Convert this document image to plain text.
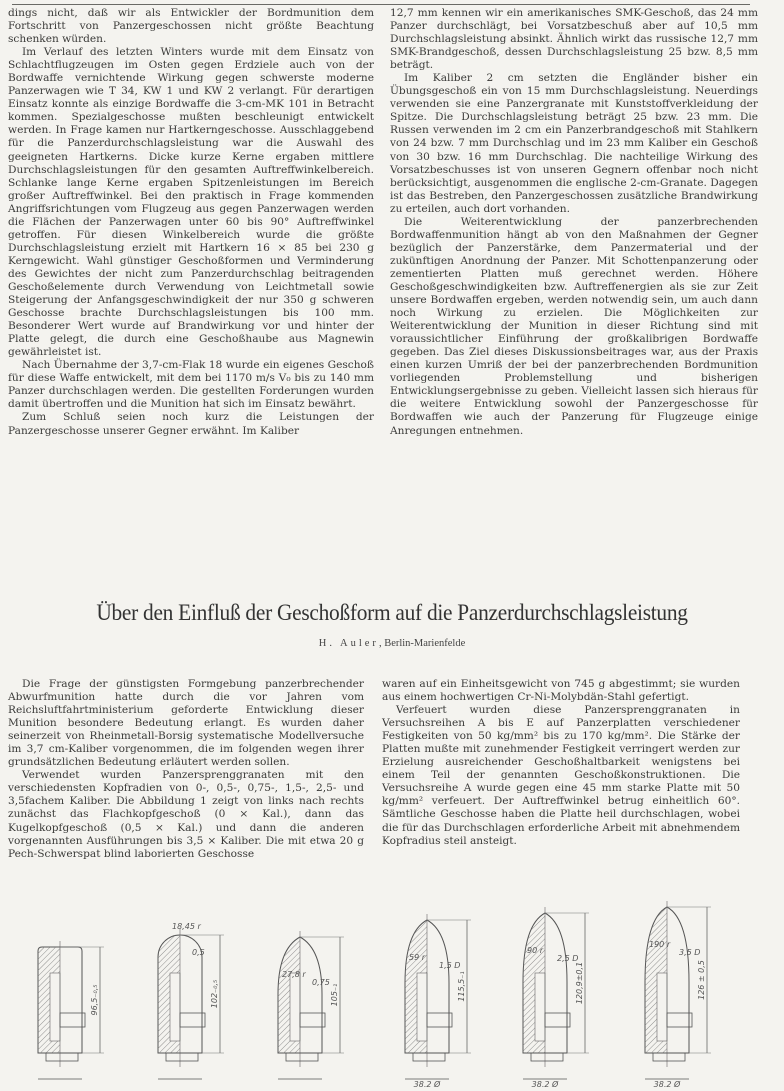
dings nicht, daß wir als Entwickler der Bordmunition dem Fortschritt von Panzergeschossen nicht größte Beachtung schenken würden.

Im Verlauf des letzten Winters wurde mit dem Einsatz von Schlachtflugzeugen im Osten gegen Erdziele auch von der Bordwaffe vernichtende Wirkung gegen schwerste moderne Panzerwagen wie T 34, KW 1 und KW 2 verlangt. Für derartigen Einsatz konnte als einzige Bordwaffe die 3-cm-MK 101 in Betracht kommen. Spezialgeschosse mußten beschleunigt entwickelt werden. In Frage kamen nur Hartkerngeschosse. Ausschlaggebend für die Panzerdurchschlagsleistung war die Auswahl des geeigneten Hartkerns. Dicke kurze Kerne ergaben mittlere Durchschlagsleistungen für den gesamten Auftreffwinkelbereich. Schlanke lange Kerne ergaben Spitzenleistungen im Bereich großer Auftreffwinkel. Bei den praktisch in Frage kommenden Angriffsrichtungen vom Flugzeug aus gegen Panzerwagen werden die Flächen der Panzerwagen unter 60 bis 90° Auftreffwinkel getroffen. Für diesen Winkelbereich wurde die größte Durchschlagsleistung erzielt mit Hartkern 16 × 85 bei 230 g Kerngewicht. Wahl günstiger Geschoßformen und Verminderung des Gewichtes der nicht zum Panzerdurchschlag beitragenden Geschoßelemente durch Verwendung von Leichtmetall sowie Steigerung der Anfangsgeschwindigkeit der nur 350 g schweren Geschosse brachte Durchschlagsleistungen bis 100 mm. Besonderer Wert wurde auf Brandwirkung vor und hinter der Platte gelegt, die durch eine Geschoßhaube aus Magnewin gewährleistet ist.

Nach Übernahme der 3,7-cm-Flak 18 wurde ein eigenes Geschoß für diese Waffe entwickelt, mit dem bei 1170 m/s V₀ bis zu 140 mm Panzer durchschlagen werden. Die gestellten Forderungen wurden damit übertroffen und die Munition hat sich im Einsatz bewährt.

Zum Schluß seien noch kurz die Leistungen der Panzergeschosse unserer Gegner erwähnt. Im Kaliber

12,7 mm kennen wir ein amerikanisches SMK-Geschoß, das 24 mm Panzer durchschlägt, bei Vorsatzbeschuß aber auf 10,5 mm Durchschlagsleistung absinkt. Ähnlich wirkt das russische 12,7 mm SMK-Brandgeschoß, dessen Durchschlagsleistung 25 bzw. 8,5 mm beträgt.

Im Kaliber 2 cm setzten die Engländer bisher ein Übungsgeschoß ein von 15 mm Durchschlagsleistung. Neuerdings verwenden sie eine Panzergranate mit Kunststoffverkleidung der Spitze. Die Durchschlagsleistung beträgt 25 bzw. 23 mm. Die Russen verwenden im 2 cm ein Panzerbrandgeschoß mit Stahlkern von 24 bzw. 7 mm Durchschlag und im 23 mm Kaliber ein Geschoß von 30 bzw. 16 mm Durchschlag. Die nachteilige Wirkung des Vorsatzbeschusses ist von unseren Gegnern offenbar noch nicht berücksichtigt, ausgenommen die englische 2-cm-Granate. Dagegen ist das Bestreben, den Panzergeschossen zusätzliche Brandwirkung zu erteilen, auch dort vorhanden.

Die Weiterentwicklung der panzerbrechenden Bordwaffenmunition hängt ab von den Maßnahmen der Gegner bezüglich der Panzerstärke, dem Panzermaterial und der zukünftigen Anordnung der Panzer. Mit Schottenpanzerung oder zementierten Platten muß gerechnet werden. Höhere Geschoßgeschwindigkeiten bzw. Auftreffenergien als sie zur Zeit unsere Bordwaffen ergeben, werden notwendig sein, um auch dann noch Wirkung zu erzielen. Die Möglichkeiten zur Weiterentwicklung der Munition in dieser Richtung sind mit voraussichtlicher Einführung der großkalibrigen Bordwaffe gegeben. Das Ziel dieses Diskussionsbeitrages war, aus der Praxis einen kurzen Umriß der bei der panzerbrechenden Bordmunition vorliegenden Problemstellung und bisherigen Entwicklungsergebnisse zu geben. Vielleicht lassen sich hieraus für die weitere Entwicklung sowohl der Panzergeschosse für Bordwaffen wie auch der Panzerung für Flugzeuge einige Anregungen entnehmen.

Über den Einfluß der Geschoßform auf die Panzerdurchschlagsleistung
H. Auler, Berlin-Marienfelde

Die Frage der günstigsten Formgebung panzerbrechender Abwurfmunition hatte durch die vor Jahren vom Reichsluftfahrtministerium geforderte Entwicklung dieser Munition besondere Bedeutung erlangt. Es wurden daher seinerzeit von Rheinmetall-Borsig systematische Modellversuche im 3,7 cm-Kaliber vorgenommen, die im folgenden wegen ihrer grundsätzlichen Bedeutung erläutert werden sollen.

Verwendet wurden Panzersprenggranaten mit den verschiedensten Kopfradien von 0-, 0,5-, 0,75-, 1,5-, 2,5- und 3,5fachem Kaliber. Die Abbildung 1 zeigt von links nach rechts zunächst das Flachkopfgeschoß (0 × Kal.), dann das Kugelkopfgeschoß (0,5 × Kal.) und dann die anderen vorgenannten Ausführungen bis 3,5 × Kaliber. Die mit etwa 20 g Pech-Schwerspat blind laborierten Geschosse

waren auf ein Einheitsgewicht von 745 g abgestimmt; sie wurden aus einem hochwertigen Cr-Ni-Molybdän-Stahl gefertigt.

Verfeuert wurden diese Panzersprenggranaten in Versuchsreihen A bis E auf Panzerplatten verschiedener Festigkeiten von 50 kg/mm² bis zu 170 kg/mm². Die Stärke der Platten mußte mit zunehmender Festigkeit verringert werden zur Erzielung ausreichender Geschoßhaltbarkeit wenigstens bei einem Teil der genannten Geschoßkonstruktionen. Die Versuchsreihe A wurde gegen eine 45 mm starke Platte mit 50 kg/mm² verfeuert. Der Auftreffwinkel betrug einheitlich 60°. Sämtliche Geschosse haben die Platte heil durchschlagen, wobei die für das Durchschlagen erforderliche Arbeit mit abnehmendem Kopfradius steil ansteigt.

96,5₋₀,₅	102₋₀,₅
18,45 r
0,5
105₋₁
27,8 r
0,75	115,5₋₁
59 r
1,5 D
38,2 Ø
120,9±0,1
90 r
2,5 D
38,2 Ø
126 ± 0,5
190 r
3,5 D
38,2 Ø
